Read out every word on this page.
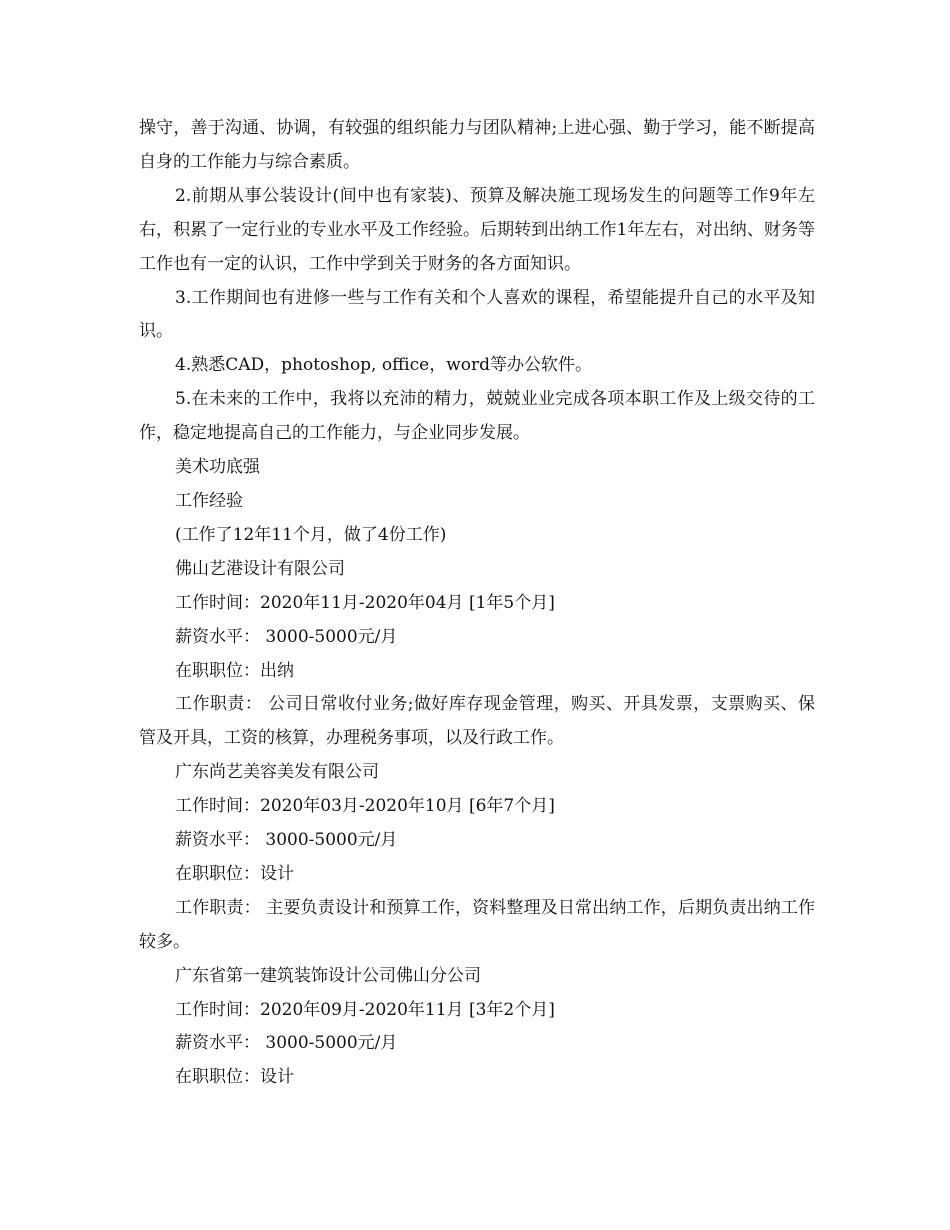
操守，善于沟通、协调，有较强的组织能力与团队精神;上进心强、勤于学习，能不断提高自身的工作能力与综合素质。

2.前期从事公装设计(间中也有家装)、预算及解决施工现场发生的问题等工作9年左右，积累了一定行业的专业水平及工作经验。后期转到出纳工作1年左右，对出纳、财务等工作也有一定的认识，工作中学到关于财务的各方面知识。

3.工作期间也有进修一些与工作有关和个人喜欢的课程，希望能提升自己的水平及知识。

4.熟悉CAD，photoshop, office，word等办公软件。

5.在未来的工作中，我将以充沛的精力，兢兢业业完成各项本职工作及上级交待的工作，稳定地提高自己的工作能力，与企业同步发展。

美术功底强

工作经验

(工作了12年11个月，做了4份工作)

佛山艺港设计有限公司

工作时间：2020年11月-2020年04月 [1年5个月]

薪资水平： 3000-5000元/月

在职职位：出纳

工作职责： 公司日常收付业务;做好库存现金管理，购买、开具发票，支票购买、保管及开具，工资的核算，办理税务事项，以及行政工作。

广东尚艺美容美发有限公司

工作时间：2020年03月-2020年10月 [6年7个月]

薪资水平： 3000-5000元/月

在职职位：设计

工作职责： 主要负责设计和预算工作，资料整理及日常出纳工作，后期负责出纳工作较多。

广东省第一建筑装饰设计公司佛山分公司

工作时间：2020年09月-2020年11月 [3年2个月]

薪资水平： 3000-5000元/月

在职职位：设计
